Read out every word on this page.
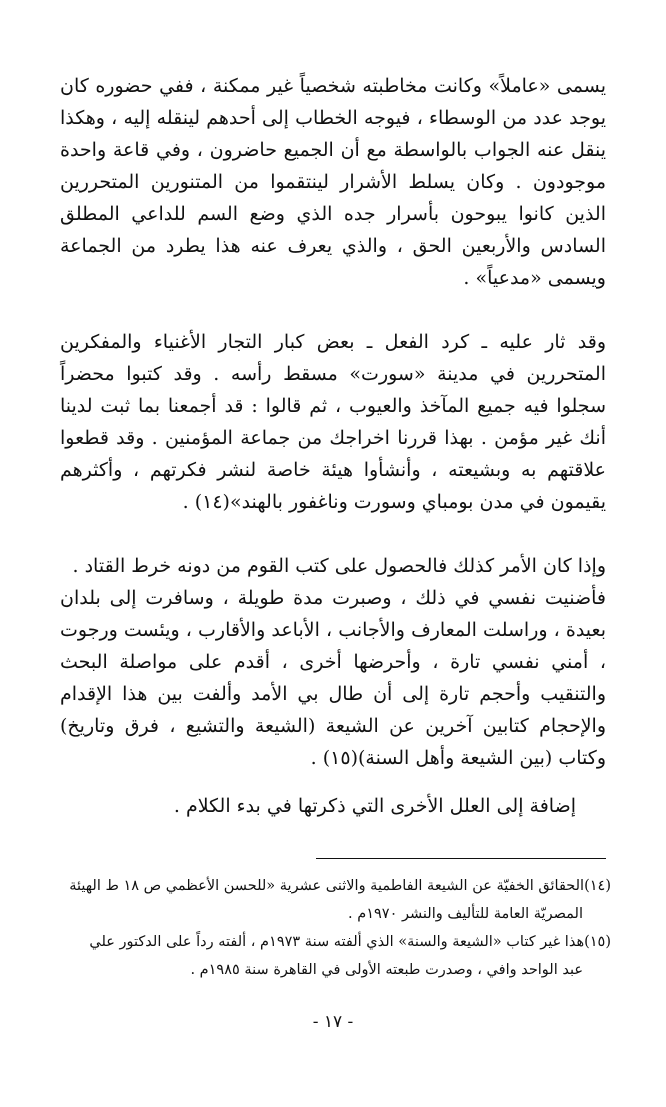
يسمى «عاملاً» وكانت مخاطبته شخصياً غير ممكنة ، ففي حضوره كان يوجد عدد من الوسطاء ، فيوجه الخطاب إلى أحدهم لينقله إليه ، وهكذا ينقل عنه الجواب بالواسطة مع أن الجميع حاضرون ، وفي قاعة واحدة موجودون . وكان يسلط الأشرار لينتقموا من المتنورين المتحررين الذين كانوا يبوحون بأسرار جده الذي وضع السم للداعي المطلق السادس والأربعين الحق ، والذي يعرف عنه هذا يطرد من الجماعة ويسمى «مدعياً» .

وقد ثار عليه ـ كرد الفعل ـ بعض كبار التجار الأغنياء والمفكرين المتحررين في مدينة «سورت» مسقط رأسه . وقد كتبوا محضراً سجلوا فيه جميع المآخذ والعيوب ، ثم قالوا : قد أجمعنا بما ثبت لدينا أنك غير مؤمن . بهذا قررنا اخراجك من جماعة المؤمنين . وقد قطعوا علاقتهم به وبشيعته ، وأنشأوا هيئة خاصة لنشر فكرتهم ، وأكثرهم يقيمون في مدن بومباي وسورت وناغفور بالهند»(١٤) .

وإذا كان الأمر كذلك فالحصول على كتب القوم من دونه خرط القتاد .

فأضنيت نفسي في ذلك ، وصبرت مدة طويلة ، وسافرت إلى بلدان بعيدة ، وراسلت المعارف والأجانب ، الأباعد والأقارب ، ويئست ورجوت ، أمني نفسي تارة ، وأحرضها أخرى ، أقدم على مواصلة البحث والتنقيب وأحجم تارة إلى أن طال بي الأمد وألفت بين هذا الإقدام والإحجام كتابين آخرين عن الشيعة (الشيعة والتشيع ، فرق وتاريخ) وكتاب (بين الشيعة وأهل السنة)(١٥) .

إضافة إلى العلل الأخرى التي ذكرتها في بدء الكلام .

(١٤)الحقائق الخفيّة عن الشيعة الفاطمية والاثنى عشرية «للحسن الأعظمي ص ١٨ ط الهيئة

المصريّة العامة للتأليف والنشر ١٩٧٠م .

(١٥)هذا غير كتاب «الشيعة والسنة» الذي ألفته سنة ١٩٧٣م ، ألفته رداً على الدكتور علي

عبد الواحد وافي ، وصدرت طبعته الأولى في القاهرة سنة ١٩٨٥م .

- ١٧ -
